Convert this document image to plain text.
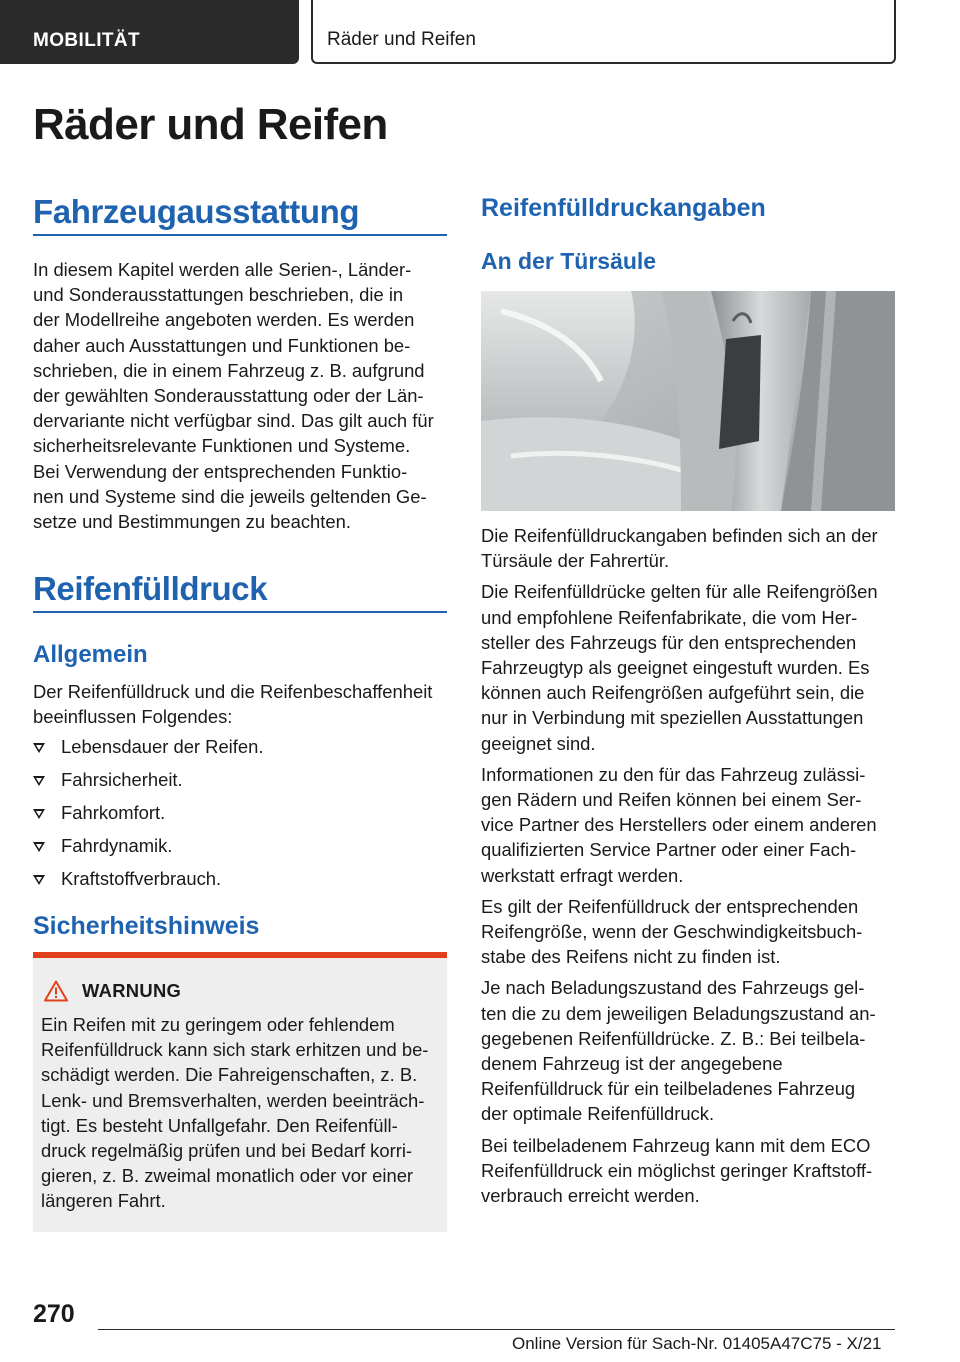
MOBILITÄT	Räder und Reifen
Räder und Reifen
Fahrzeugausstattung
In diesem Kapitel werden alle Serien-, Länder-
und Sonderausstattungen beschrieben, die in
der Modellreihe angeboten werden. Es werden
daher auch Ausstattungen und Funktionen be-
schrieben, die in einem Fahrzeug z. B. aufgrund
der gewählten Sonderausstattung oder der Län-
dervariante nicht verfügbar sind. Das gilt auch für
sicherheitsrelevante Funktionen und Systeme.
Bei Verwendung der entsprechenden Funktio-
nen und Systeme sind die jeweils geltenden Ge-
setze und Bestimmungen zu beachten.
Reifenfülldruck
Allgemein
Der Reifenfülldruck und die Reifenbeschaffenheit
beeinflussen Folgendes:
Lebensdauer der Reifen.
Fahrsicherheit.
Fahrkomfort.
Fahrdynamik.
Kraftstoffverbrauch.
Sicherheitshinweis
WARNUNG
Ein Reifen mit zu geringem oder fehlendem
Reifenfülldruck kann sich stark erhitzen und be-
schädigt werden. Die Fahreigenschaften, z. B.
Lenk- und Bremsverhalten, werden beeinträch-
tigt. Es besteht Unfallgefahr. Den Reifenfüll-
druck regelmäßig prüfen und bei Bedarf korri-
gieren, z. B. zweimal monatlich oder vor einer
längeren Fahrt.
Reifenfülldruckangaben
An der Türsäule

Die Reifenfülldruckangaben befinden sich an der
Türsäule der Fahrertür.

Die Reifenfülldrücke gelten für alle Reifengrößen
und empfohlene Reifenfabrikate, die vom Her-
steller des Fahrzeugs für den entsprechenden
Fahrzeugtyp als geeignet eingestuft wurden. Es
können auch Reifengrößen aufgeführt sein, die
nur in Verbindung mit speziellen Ausstattungen
geeignet sind.

Informationen zu den für das Fahrzeug zulässi-
gen Rädern und Reifen können bei einem Ser-
vice Partner des Herstellers oder einem anderen
qualifizierten Service Partner oder einer Fach-
werkstatt erfragt werden.

Es gilt der Reifenfülldruck der entsprechenden
Reifengröße, wenn der Geschwindigkeitsbuch-
stabe des Reifens nicht zu finden ist.

Je nach Beladungszustand des Fahrzeugs gel-
ten die zu dem jeweiligen Beladungszustand an-
gegebenen Reifenfülldrücke. Z. B.: Bei teilbela-
denem Fahrzeug ist der angegebene
Reifenfülldruck für ein teilbeladenes Fahrzeug
der optimale Reifenfülldruck.

Bei teilbeladenem Fahrzeug kann mit dem ECO
Reifenfülldruck ein möglichst geringer Kraftstoff-
verbrauch erreicht werden.

270
Online Version für Sach-Nr. 01405A47C75 - X/21
